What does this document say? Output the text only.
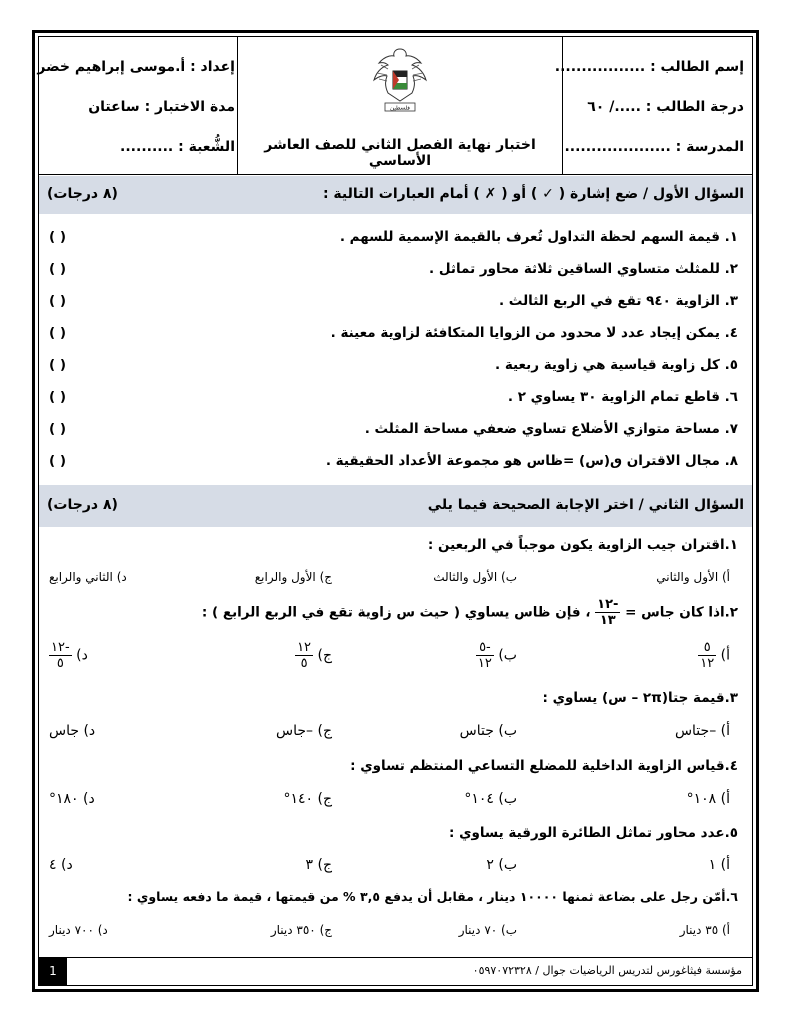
إسم الطالب : .................
درجة الطالب : ...../ ٦٠
المدرسة : ....................
فلسطين
اختبار نهاية الفصل الثاني للصف العاشر الأساسي
إعداد : أ.موسى إبراهيم خضر
مدة الاختبار : ساعتان
الشُّعبة : ..........
السؤال الأول / ضع إشارة ( ✓ ) أو ( ✗ ) أمام العبارات التالية :
(٨ درجات)
١. قيمة السهم لحظة التداول تُعرف بالقيمة الإسمية للسهم .
( )
٢. للمثلث متساوي الساقين ثلاثة محاور تماثل .
( )
٣. الزاوية ٩٤٠ تقع في الربع الثالث .
( )
٤. يمكن إيجاد عدد لا محدود من الزوايا المتكافئة لزاوية معينة .
( )
٥. كل زاوية قياسية هي زاوية ربعية .
( )
٦. قاطع تمام الزاوية ٣٠ يساوي ٢ .
( )
٧. مساحة متوازي الأضلاع تساوي ضعفي مساحة المثلث .
( )
٨. مجال الاقتران ٯ(س) =ظاس هو مجموعة الأعداد الحقيقية .
( )
السؤال الثاني / اختر الإجابة الصحيحة فيما يلي
(٨ درجات)
١.اقتران جيب الزاوية يكون موجباً في الربعين :
أ) الأول والثاني
ب) الأول والثالث
ج) الأول والرابع
د) الثاني والرابع
٢.اذا كان جاس =
$\frac{-١٢}{١٣}$
، فإن ظاس يساوي ( حيث س زاوية تقع في الربع الرابع ) :
أ)
$\frac{٥}{١٢}$
ب)
$\frac{-٥}{١٢}$
ج)
$\frac{١٢}{٥}$
د)
$\frac{-١٢}{٥}$
٣.قيمة جتا(٢π – س) يساوي :
أ) –جتاس
ب) جتاس
ج) –جاس
د) جاس
٤.قياس الزاوية الداخلية للمضلع التساعي المنتظم تساوي :
أ) ١٠٨°
ب) ١٠٤°
ج) ١٤٠°
د) ١٨٠°
٥.عدد محاور تماثل الطائرة الورقية يساوي :
أ) ١
ب) ٢
ج) ٣
د) ٤
٦.أمّن رجل على بضاعة ثمنها ١٠٠٠٠ دينار ، مقابل أن يدفع ٣,٥ % من قيمتها ، قيمة ما دفعه يساوي :
أ) ٣٥ دينار
ب) ٧٠ دينار
ج) ٣٥٠ دينار
د) ٧٠٠ دينار
مؤسسة فيثاغورس لتدريس الرياضيات جوال / ٠٥٩٧٠٧٢٣٢٨
1
